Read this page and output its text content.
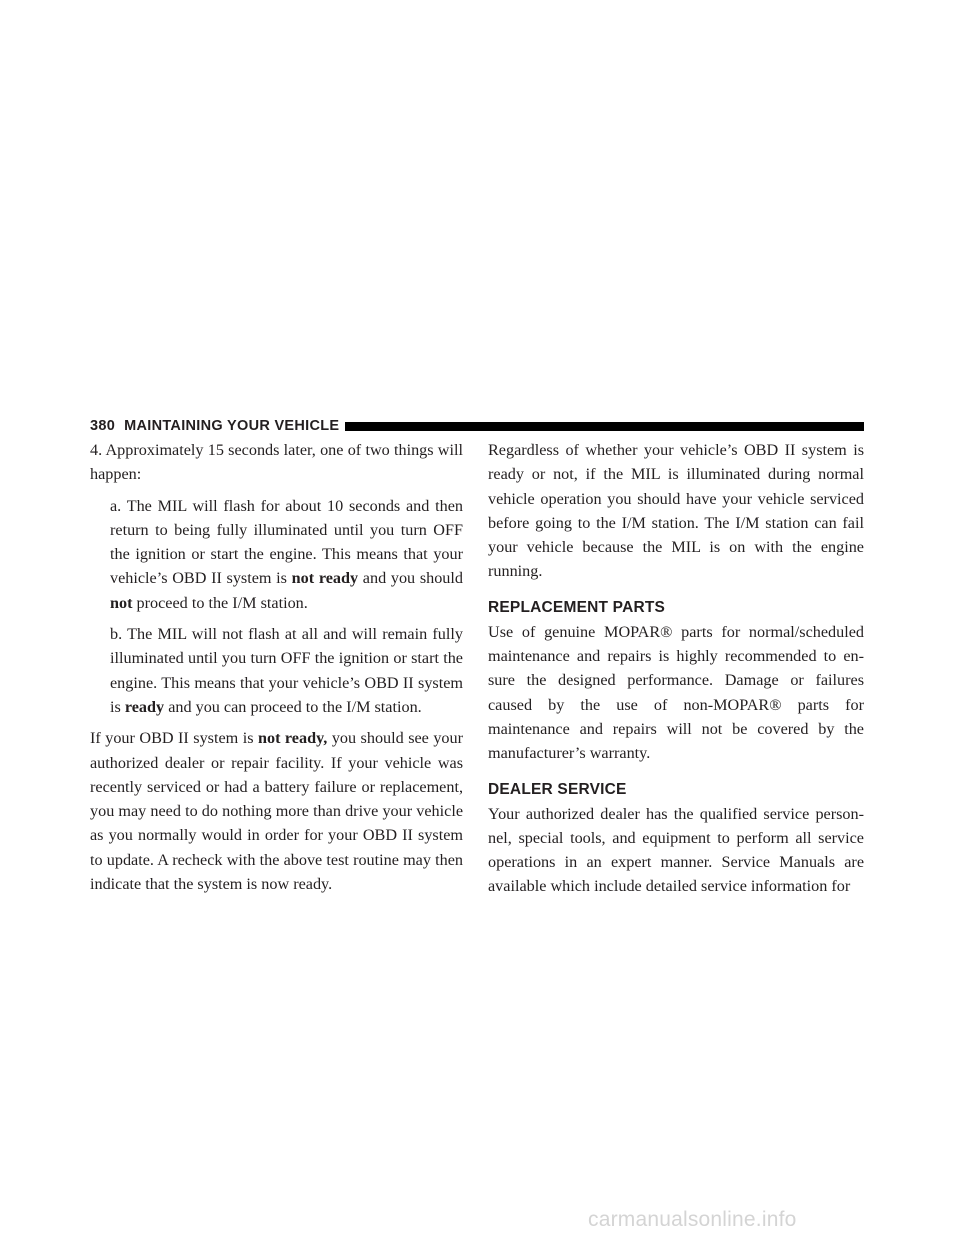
380 MAINTAINING YOUR VEHICLE

4. Approximately 15 seconds later, one of two things will happen:

a. The MIL will flash for about 10 seconds and then return to being fully illuminated until you turn OFF the ignition or start the engine. This means that your vehicle’s OBD II system is not ready and you should not proceed to the I/M station.

b. The MIL will not flash at all and will remain fully illuminated until you turn OFF the ignition or start the engine. This means that your vehicle’s OBD II system is ready and you can proceed to the I/M station.

If your OBD II system is not ready, you should see your authorized dealer or repair facility. If your vehicle was recently serviced or had a battery failure or replacement, you may need to do nothing more than drive your vehicle as you normally would in order for your OBD II system to update. A recheck with the above test routine may then indicate that the system is now ready.

Regardless of whether your vehicle’s OBD II system is ready or not, if the MIL is illuminated during normal vehicle operation you should have your vehicle serviced before going to the I/M station. The I/M station can fail your vehicle because the MIL is on with the engine running.

REPLACEMENT PARTS

Use of genuine MOPAR® parts for normal/scheduled maintenance and repairs is highly recommended to en- sure the designed performance. Damage or failures caused by the use of non-MOPAR® parts for maintenance and repairs will not be covered by the manufacturer’s warranty.

DEALER SERVICE

Your authorized dealer has the qualified service person- nel, special tools, and equipment to perform all service operations in an expert manner. Service Manuals are available which include detailed service information for

carmanualsonline.info
